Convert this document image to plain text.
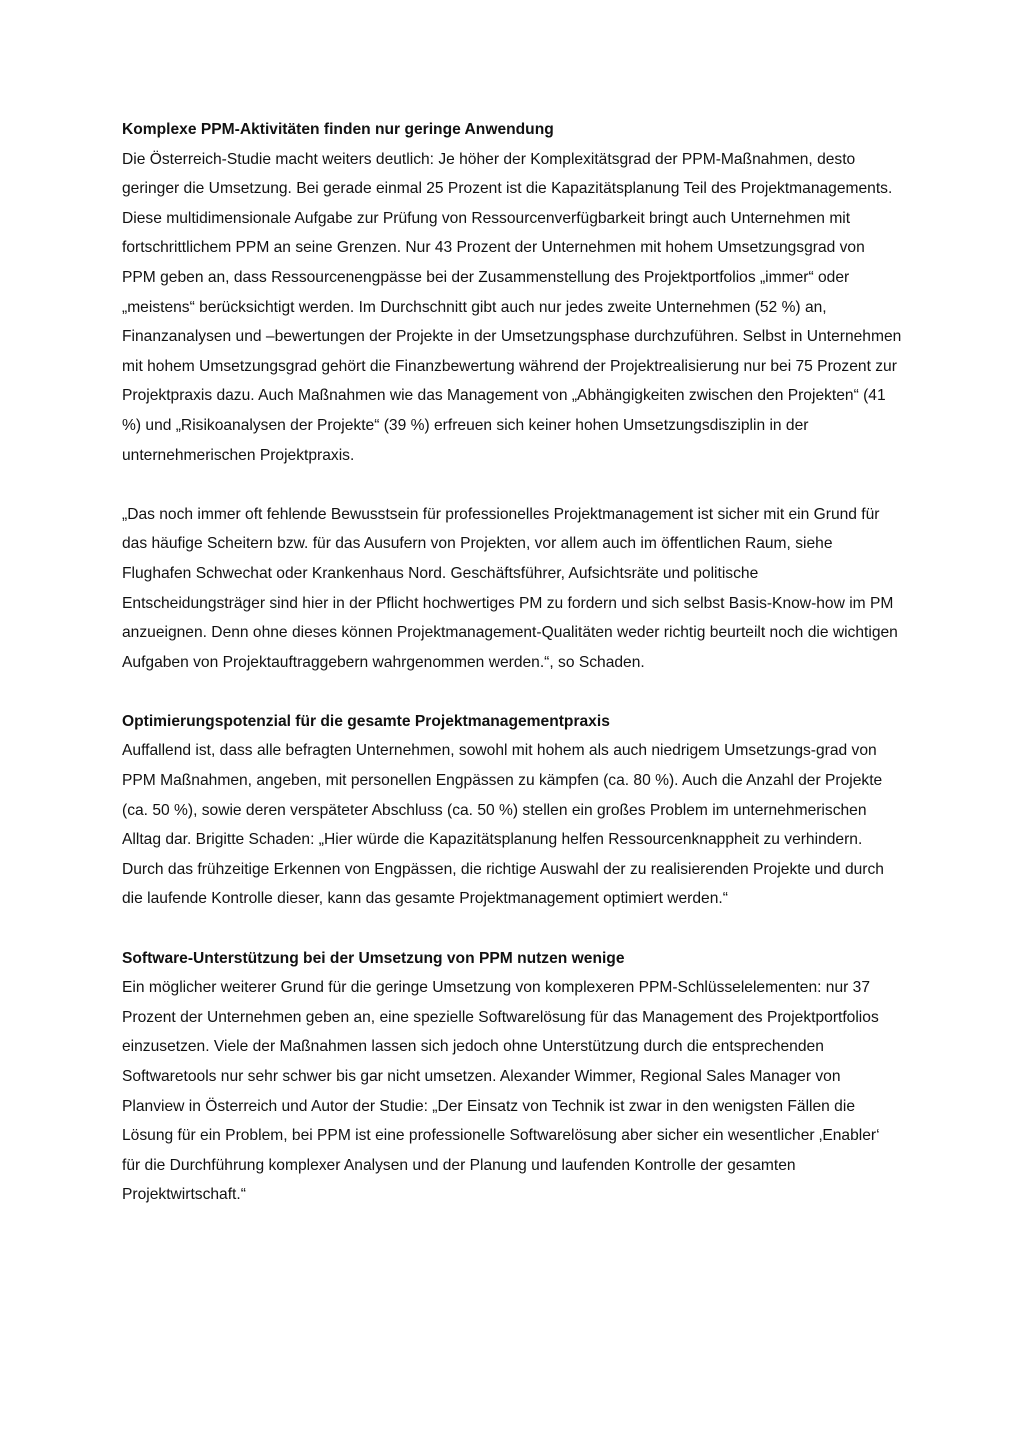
Komplexe PPM-Aktivitäten finden nur geringe Anwendung

Die Österreich-Studie macht weiters deutlich: Je höher der Komplexitätsgrad der PPM-Maßnahmen, desto geringer die Umsetzung. Bei gerade einmal 25 Prozent ist die Kapazitätsplanung Teil des Projektmanagements. Diese multidimensionale Aufgabe zur Prüfung von Ressourcenverfügbarkeit bringt auch Unternehmen mit fortschrittlichem PPM an seine Grenzen. Nur 43 Prozent der Unternehmen mit hohem Umsetzungsgrad von PPM geben an, dass Ressourcenengpässe bei der Zusammenstellung des Projektportfolios „immer“ oder „meistens“ berücksichtigt werden. Im Durchschnitt gibt auch nur jedes zweite Unternehmen (52 %) an, Finanzanalysen und –bewertungen der Projekte in der Umsetzungsphase durchzuführen. Selbst in Unternehmen mit hohem Umsetzungsgrad gehört die Finanzbewertung während der Projektrealisierung nur bei 75 Prozent zur Projektpraxis dazu. Auch Maßnahmen wie das Management von „Abhängigkeiten zwischen den Projekten“ (41 %) und „Risikoanalysen der Projekte“ (39 %) erfreuen sich keiner hohen Umsetzungsdisziplin in der unternehmerischen Projektpraxis.

„Das noch immer oft fehlende Bewusstsein für professionelles Projektmanagement ist sicher mit ein Grund für das häufige Scheitern bzw. für das Ausufern von Projekten, vor allem auch im öffentlichen Raum, siehe Flughafen Schwechat oder Krankenhaus Nord. Geschäftsführer, Aufsichtsräte und politische Entscheidungsträger sind hier in der Pflicht hochwertiges PM zu fordern und sich selbst Basis-Know-how im PM anzueignen. Denn ohne dieses können Projektmanagement-Qualitäten weder richtig beurteilt noch die wichtigen Aufgaben von Projektauftraggebern wahrgenommen werden.“, so Schaden.

Optimierungspotenzial für die gesamte Projektmanagementpraxis

Auffallend ist, dass alle befragten Unternehmen, sowohl mit hohem als auch niedrigem Umsetzungs-grad von PPM Maßnahmen, angeben, mit personellen Engpässen zu kämpfen (ca. 80 %). Auch die Anzahl der Projekte (ca. 50 %), sowie deren verspäteter Abschluss (ca. 50 %) stellen ein großes Problem im unternehmerischen Alltag dar. Brigitte Schaden: „Hier würde die Kapazitätsplanung helfen Ressourcenknappheit zu verhindern. Durch das frühzeitige Erkennen von Engpässen, die richtige Auswahl der zu realisierenden Projekte und durch die laufende Kontrolle dieser, kann das gesamte Projektmanagement optimiert werden.“

Software-Unterstützung bei der Umsetzung von PPM nutzen wenige

Ein möglicher weiterer Grund für die geringe Umsetzung von komplexeren PPM-Schlüsselelementen: nur 37 Prozent der Unternehmen geben an, eine spezielle Softwarelösung für das Management des Projektportfolios einzusetzen. Viele der Maßnahmen lassen sich jedoch ohne Unterstützung durch die entsprechenden Softwaretools nur sehr schwer bis gar nicht umsetzen. Alexander Wimmer, Regional Sales Manager von Planview in Österreich und Autor der Studie: „Der Einsatz von Technik ist zwar in den wenigsten Fällen die Lösung für ein Problem, bei PPM ist eine professionelle Softwarelösung aber sicher ein wesentlicher ‚Enabler‘ für die Durchführung komplexer Analysen und der Planung und laufenden Kontrolle der gesamten Projektwirtschaft.“
